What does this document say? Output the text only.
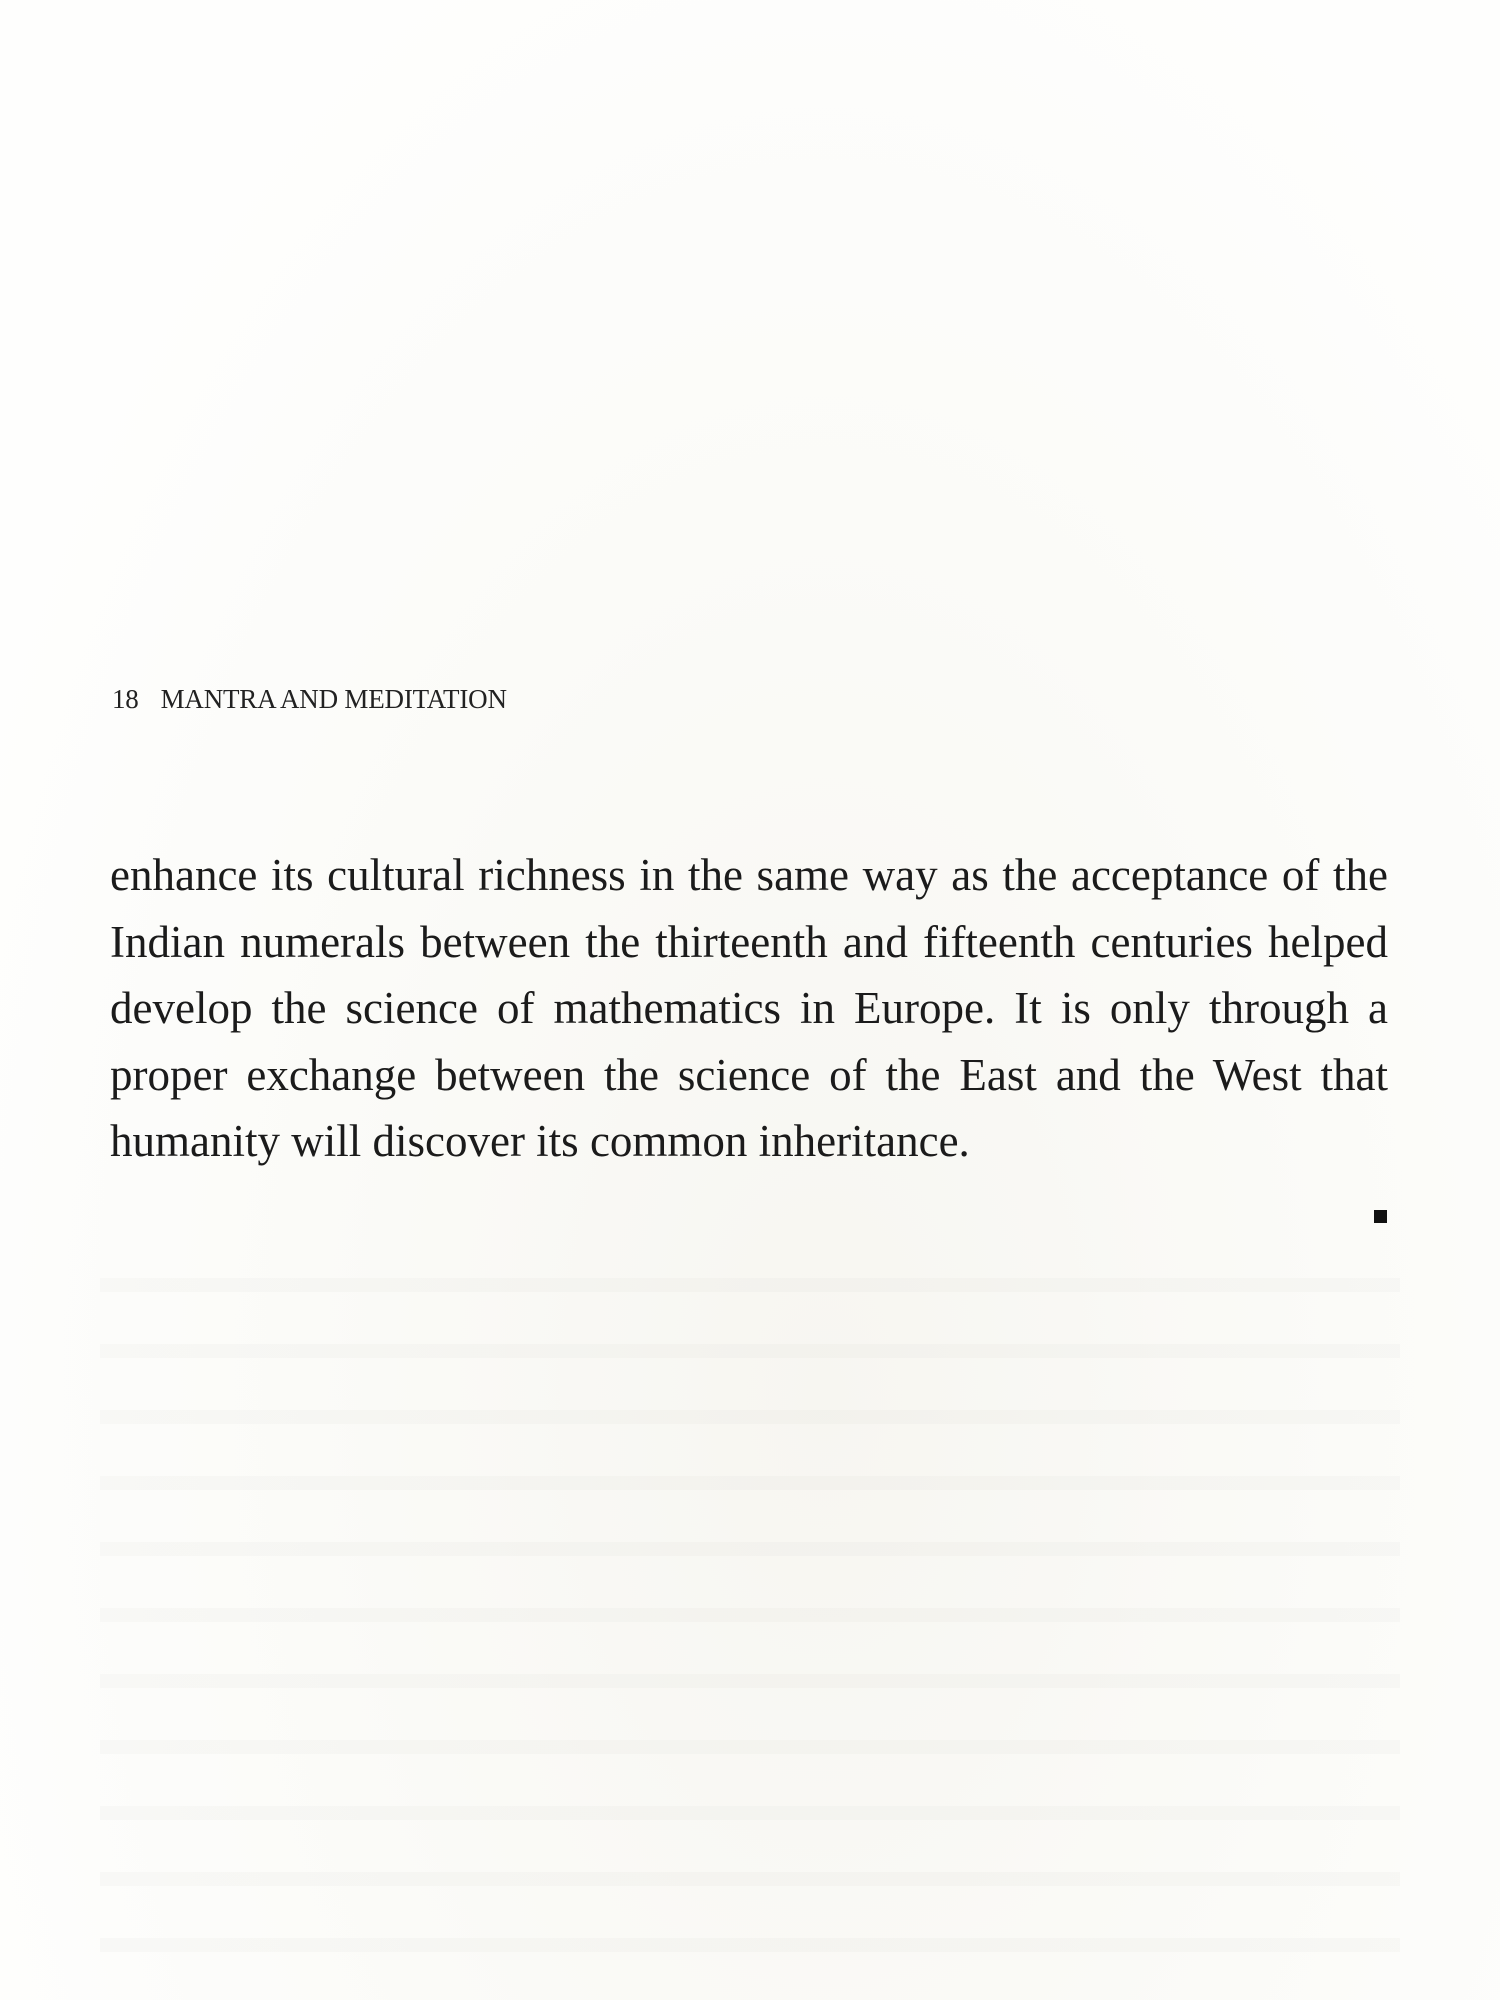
18 MANTRA AND MEDITATION

enhance its cultural richness in the same way as the acceptance of the Indian numerals between the thirteenth and fifteenth centuries helped develop the science of mathematics in Europe. It is only through a proper exchange between the science of the East and the West that humanity will discover its common inheritance.
